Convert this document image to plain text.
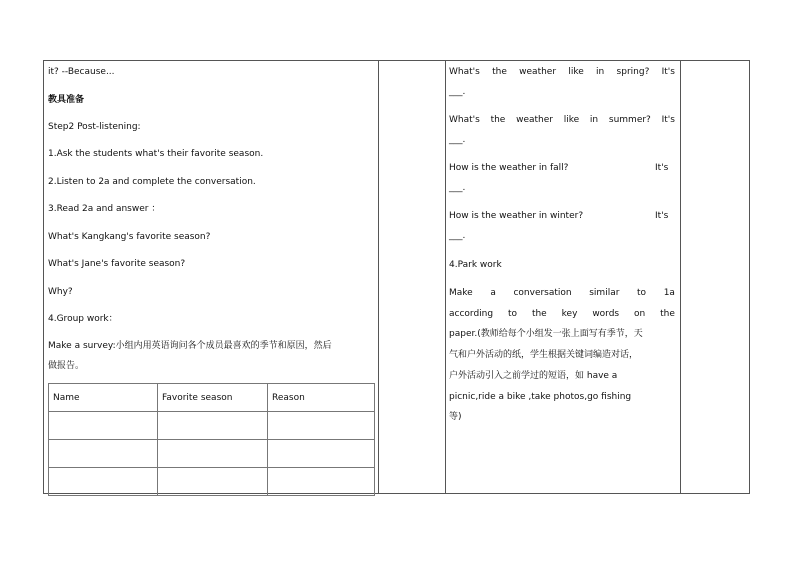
it? --Because...
教具准备
Step2 Post-listening:
1.Ask the students what's their favorite season.
2.Listen to 2a and complete the conversation.
3.Read 2a and answer ：
What's Kangkang's favorite season?
What's Jane's favorite season?
Why?
4.Group work：
Make a survey:小组内用英语询问各个成员最喜欢的季节和原因，然后
做报告。
Name	Favorite season	Reason

What's the weather like in spring? It's
___.
What's the weather like in summer? It's
___.
How is the weather in fall?	It's
___.
How is the weather in winter?	It's
___.
4.Park work
Make a conversation similar to 1a
according to the key words on the
paper.(教师给每个小组发一张上面写有季节，天
气和户外活动的纸，学生根据关键词编造对话，
户外活动引入之前学过的短语，如 have a
picnic,ride a bike ,take photos,go fishing
等)
